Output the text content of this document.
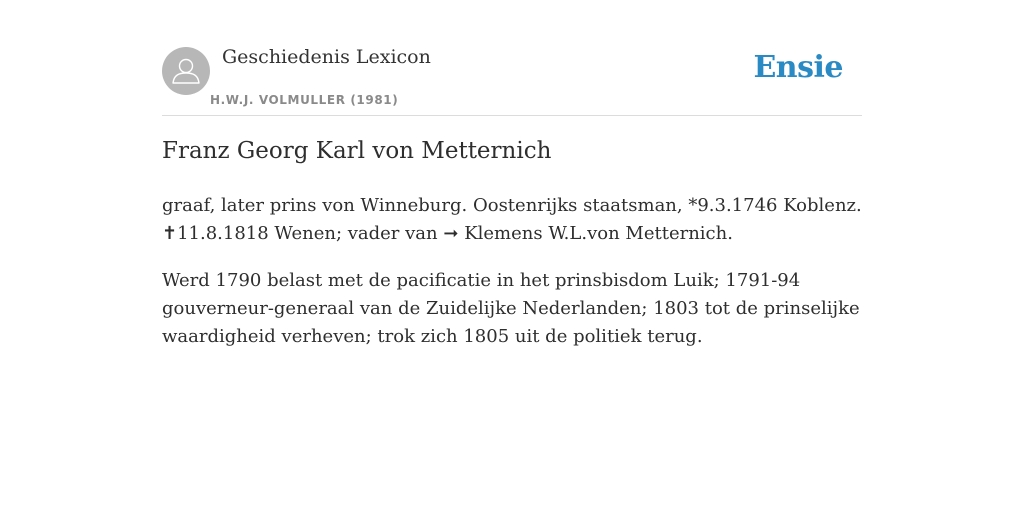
Geschiedenis Lexicon
H.W.J. VOLMULLER (1981)
Ensie
Franz Georg Karl von Metternich

graaf, later prins von Winneburg. Oostenrijks staatsman, *9.3.1746 Koblenz.
✝11.8.1818 Wenen; vader van ➞ Klemens W.L.von Metternich.

Werd 1790 belast met de pacificatie in het prinsbisdom Luik; 1791-94
gouverneur-generaal van de Zuidelijke Nederlanden; 1803 tot de prinselijke
waardigheid verheven; trok zich 1805 uit de politiek terug.
